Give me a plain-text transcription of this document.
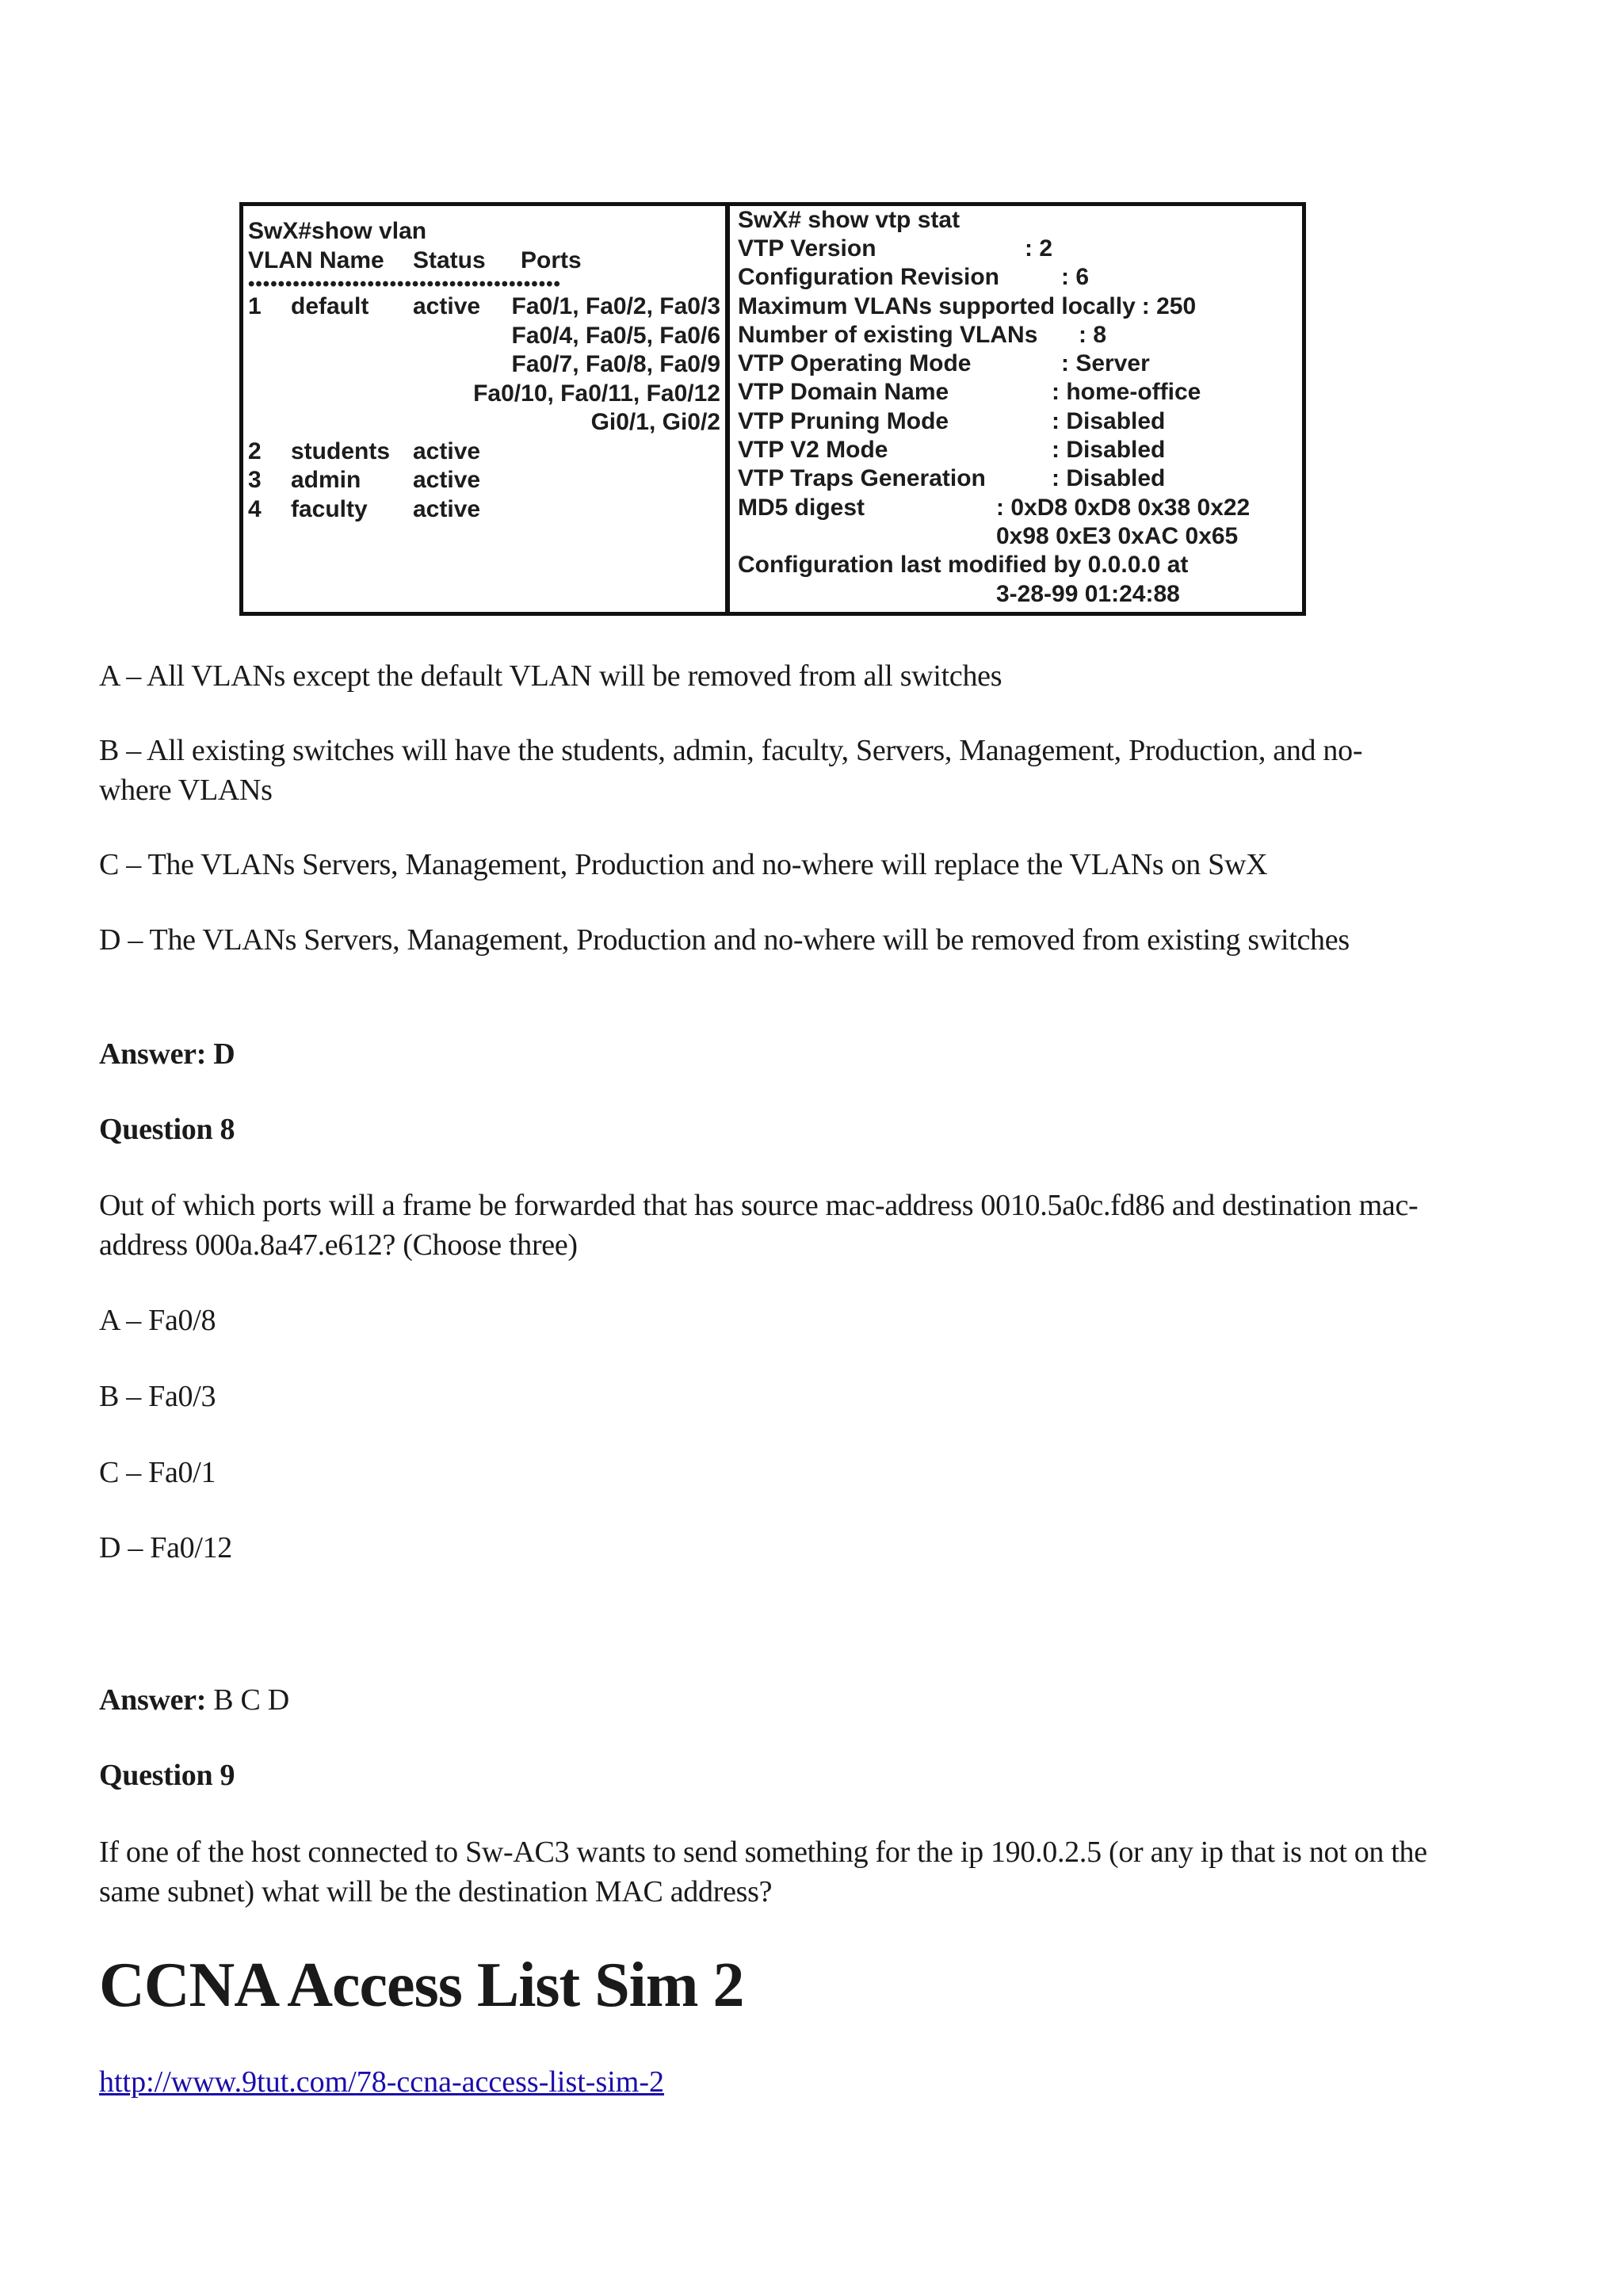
SwX#show vlan
VLAN Name Status Ports
••••••••••••••••••••••••••••••••••••••••••
1 default active Fa0/1, Fa0/2, Fa0/3
Fa0/4, Fa0/5, Fa0/6
Fa0/7, Fa0/8, Fa0/9
Fa0/10, Fa0/11, Fa0/12
Gi0/1, Gi0/2
2 students active
3 admin active
4 faculty active
SwX# show vtp stat
VTP Version	: 2
Configuration Revision	: 6
Maximum VLANs supported locally : 250
Number of existing VLANs : 8
VTP Operating Mode	: Server
VTP Domain Name	: home-office
VTP Pruning Mode	: Disabled
VTP V2 Mode	: Disabled
VTP Traps Generation	: Disabled
MD5 digest	: 0xD8 0xD8 0x38 0x22
0x98 0xE3 0xAC 0x65
Configuration last modified by 0.0.0.0 at
3-28-99 01:24:88

A – All VLANs except the default VLAN will be removed from all switches

B – All existing switches will have the students, admin, faculty, Servers, Management, Production, and no-where VLANs

C – The VLANs Servers, Management, Production and no-where will replace the VLANs on SwX

D – The VLANs Servers, Management, Production and no-where will be removed from existing switches

Answer: D

Question 8

Out of which ports will a frame be forwarded that has source mac-address 0010.5a0c.fd86 and destination mac-address 000a.8a47.e612? (Choose three)

A – Fa0/8

B – Fa0/3

C – Fa0/1

D – Fa0/12

Answer: B C D

Question 9

If one of the host connected to Sw-AC3 wants to send something for the ip 190.0.2.5 (or any ip that is not on the same subnet) what will be the destination MAC address?

CCNA Access List Sim 2
http://www.9tut.com/78-ccna-access-list-sim-2
